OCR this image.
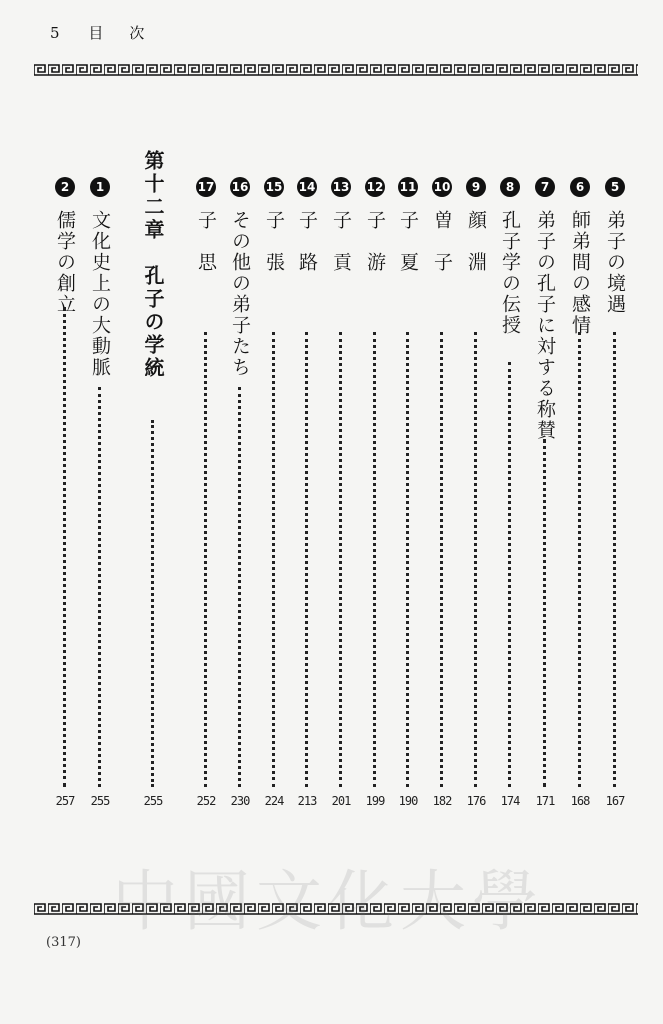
5 目次
中國文化大學
(317)
5
弟子の境遇
167
6
師弟間の感情
168
7
弟子の孔子に対する称賛
171
8
孔子学の伝授
174
9
顔　淵
176
10
曽　子
182
11
子　夏
190
12
子　游
199
13
子　貢
201
14
子　路
213
15
子　張
224
16
その他の弟子たち
230
17
子　思
252
第十二章　孔子の学統
255
1
文化史上の大動脈
255
2
儒学の創立
257
